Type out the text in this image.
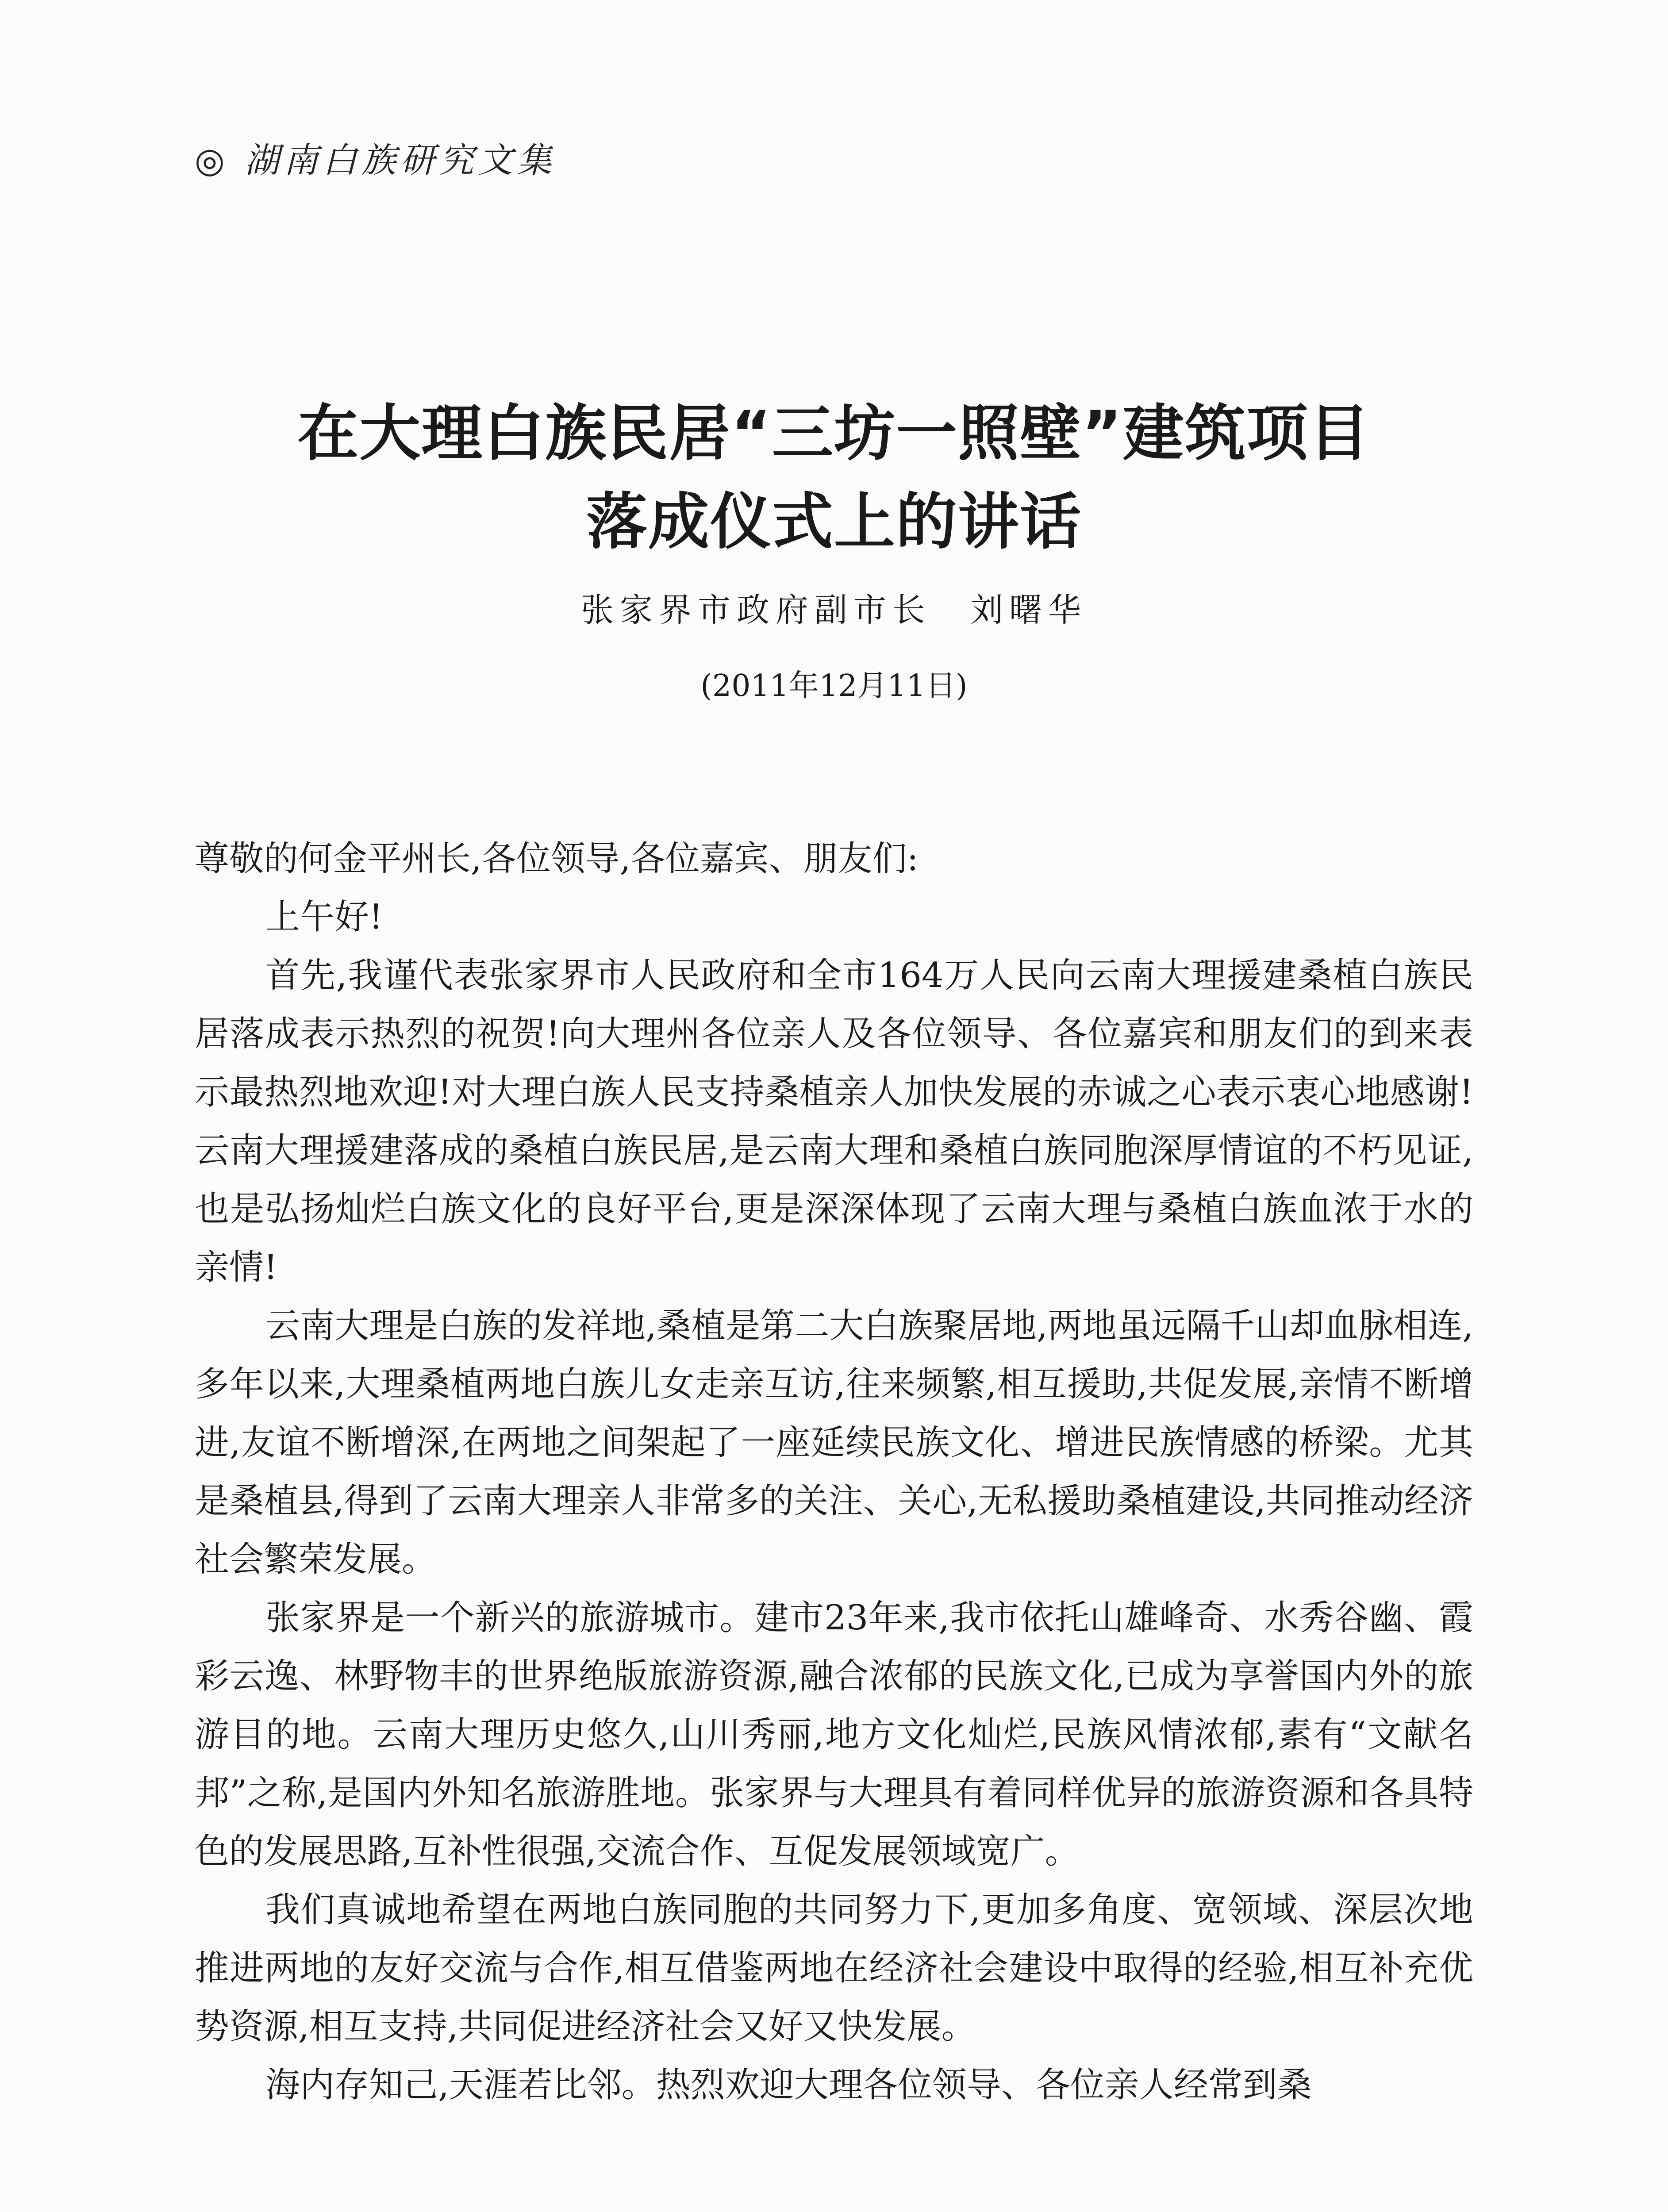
◎ 湖南白族研究文集
在大理白族民居“三坊一照壁”建筑项目
落成仪式上的讲话
张家界市政府副市长　刘曙华
(2011年12月11日)

尊敬的何金平州长,各位领导,各位嘉宾、朋友们:

上午好!

首先,我谨代表张家界市人民政府和全市164万人民向云南大理援建桑植白族民居落成表示热烈的祝贺!向大理州各位亲人及各位领导、各位嘉宾和朋友们的到来表示最热烈地欢迎!对大理白族人民支持桑植亲人加快发展的赤诚之心表示衷心地感谢!云南大理援建落成的桑植白族民居,是云南大理和桑植白族同胞深厚情谊的不朽见证,也是弘扬灿烂白族文化的良好平台,更是深深体现了云南大理与桑植白族血浓于水的亲情!

云南大理是白族的发祥地,桑植是第二大白族聚居地,两地虽远隔千山却血脉相连,多年以来,大理桑植两地白族儿女走亲互访,往来频繁,相互援助,共促发展,亲情不断增进,友谊不断增深,在两地之间架起了一座延续民族文化、增进民族情感的桥梁。尤其是桑植县,得到了云南大理亲人非常多的关注、关心,无私援助桑植建设,共同推动经济社会繁荣发展。

张家界是一个新兴的旅游城市。建市23年来,我市依托山雄峰奇、水秀谷幽、霞彩云逸、林野物丰的世界绝版旅游资源,融合浓郁的民族文化,已成为享誉国内外的旅游目的地。云南大理历史悠久,山川秀丽,地方文化灿烂,民族风情浓郁,素有“文献名邦”之称,是国内外知名旅游胜地。张家界与大理具有着同样优异的旅游资源和各具特色的发展思路,互补性很强,交流合作、互促发展领域宽广。

我们真诚地希望在两地白族同胞的共同努力下,更加多角度、宽领域、深层次地推进两地的友好交流与合作,相互借鉴两地在经济社会建设中取得的经验,相互补充优势资源,相互支持,共同促进经济社会又好又快发展。

海内存知己,天涯若比邻。热烈欢迎大理各位领导、各位亲人经常到桑
